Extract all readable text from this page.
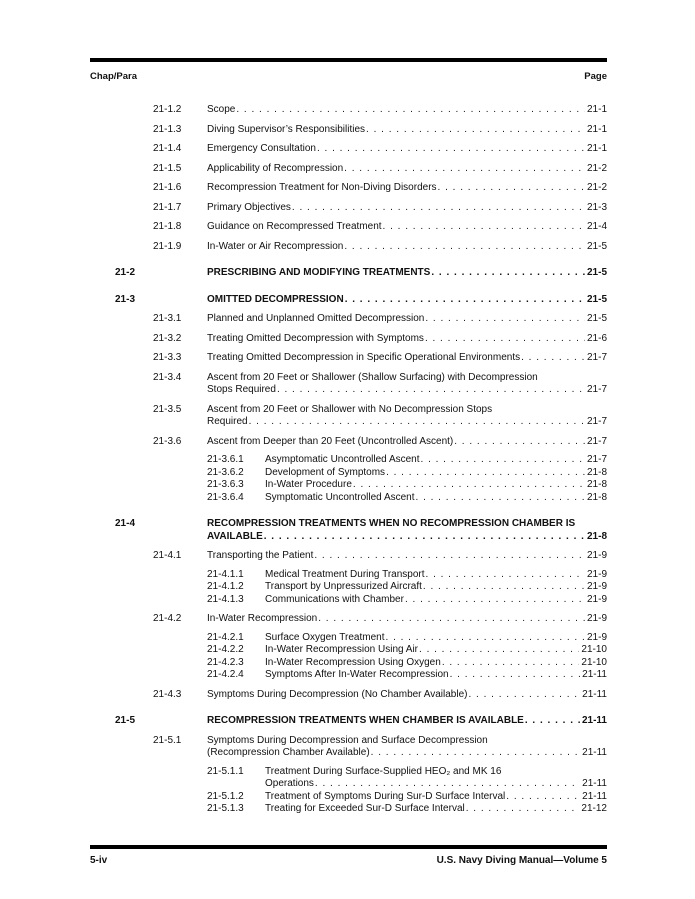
Chap/Para	Page
21-1.2	Scope . . .	21-1
21-1.3	Diving Supervisor’s Responsibilities . . .	21-1
21-1.4	Emergency Consultation . . .	21-1
21-1.5	Applicability of Recompression . . .	21-2
21-1.6	Recompression Treatment for Non-Diving Disorders . . .	21-2
21-1.7	Primary Objectives . . .	21-3
21-1.8	Guidance on Recompressed Treatment . . .	21-4
21-1.9	In-Water or Air Recompression . . .	21-5
21-2	PRESCRIBING AND MODIFYING TREATMENTS . . .	21-5
21-3	OMITTED DECOMPRESSION . . .	21-5
21-3.1	Planned and Unplanned Omitted Decompression . . .	21-5
21-3.2	Treating Omitted Decompression with Symptoms . . .	21-6
21-3.3	Treating Omitted Decompression in Specific Operational Environments . . .	21-7
21-3.4	Ascent from 20 Feet or Shallower (Shallow Surfacing) with Decompression
Stops Required . . .	21-7
21-3.5	Ascent from 20 Feet or Shallower with No Decompression Stops
Required . . .	21-7
21-3.6	Ascent from Deeper than 20 Feet (Uncontrolled Ascent) . . .	21-7
21-3.6.1	Asymptomatic Uncontrolled Ascent . . .	21-7
21-3.6.2	Development of Symptoms . . .	21-8
21-3.6.3	In-Water Procedure . . .	21-8
21-3.6.4	Symptomatic Uncontrolled Ascent . . .	21-8
21-4	RECOMPRESSION TREATMENTS WHEN NO RECOMPRESSION CHAMBER IS
AVAILABLE . . .	21-8
21-4.1	Transporting the Patient . . .	21-9
21-4.1.1	Medical Treatment During Transport . . .	21-9
21-4.1.2	Transport by Unpressurized Aircraft . . .	21-9
21-4.1.3	Communications with Chamber . . .	21-9
21-4.2	In-Water Recompression . . .	21-9
21-4.2.1	Surface Oxygen Treatment . . .	21-9
21-4.2.2	In-Water Recompression Using Air . . .	21-10
21-4.2.3	In-Water Recompression Using Oxygen . . .	21-10
21-4.2.4	Symptoms After In-Water Recompression . . .	21-11
21-4.3	Symptoms During Decompression (No Chamber Available) . . .	21-11
21-5	RECOMPRESSION TREATMENTS WHEN CHAMBER IS AVAILABLE . . .	21-11
21-5.1	Symptoms During Decompression and Surface Decompression
(Recompression Chamber Available) . . .	21-11
21-5.1.1	Treatment During Surface-Supplied HEO₂ and MK 16
Operations . . .	21-11
21-5.1.2	Treatment of Symptoms During Sur-D Surface Interval . . .	21-11
21-5.1.3	Treating for Exceeded Sur-D Surface Interval . . .	21-12
5-iv	U.S. Navy Diving Manual—Volume 5
